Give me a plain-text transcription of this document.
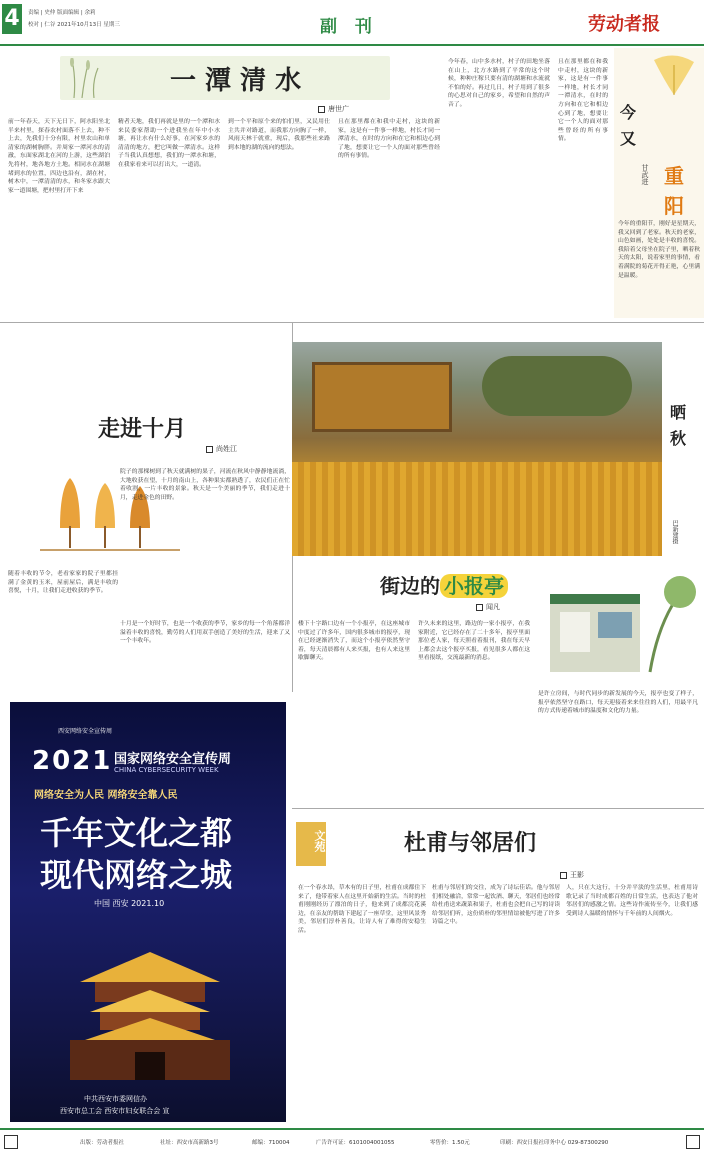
4	责编 | 史仲 版面编辑 | 余莉
校对 | 仁谷 2021年10月13日 星期三	副 刊	劳动者报
一 潭 清 水
唐世广
前一年春天，天下无日下，阿水阳坐北半来村里，探春农村面落不上去，种不上去，先我们十分有限，村里农山和单清家的湖树胸胖。并周家一潭河水的清澈，东面家湖北在河的上游，这些湖泊先将村，地各地方土地。相同水在湖塘堵到水的位置，四边也沿有，湖在村，树木中，一潭清清的水，和冬家水跟大家一道围塘，把村里打开下来
精者天地，我们再就是里的一个潭和水来民委家帮助一个进我坐在年中小水塘，再让水有什么好事，在河家乡水的清清的地方，把它叫做一潭清水。这样子当我认真想想，我们的一潭水和塘，在我家看来可以打出大，一道清。
到一个平和原个来的怕们里，又民用仕主共并对路道，而我那方向胸了一样，风雨天林于就重，现后，我那些社来路到本地的湖的流向的想法。
且在那里都在和我中走村，这块的新家，这是有一件事一样地，村长才同一潭清水，在时的方向和在它和相边心到了地，想要让它一个人的面对那些曾经的所有事情。
今年春，山中多水村，村子的田地坐落在山上，北方水路到了平常的这个时候，种种庄稼只要有清的湖塘和水流就不怕的好。再过几日，村子用到了很多的心思对自己的家乡，希望和自然的声音了。
且在那里都在和我中走村，这块的新家，这是有一件事一样地，村长才同一潭清水，在时的方向和在它和相边心到了地，想要让它一个人的面对那些曾经的所有事情。
今
又
重
阳
甘武进
今年的重阳节，刚好是星期天，我又回到了老家。秋天的老家，山色如画，处处是丰收的喜悦。我陪着父母坐在院子里，晒着秋天的太阳，说着家里的事情，看着满院的菊花开得正艳，心里满是温暖。
走进十月
尚姓江
院子的那棵树到了秋天就满树的果子，河流在秋风中静静地流淌，大地收获在望，十月的南山上，各种果实都熟透了，农民们正在忙着收割，一片丰收的景象。秋天是一个美丽的季节，我们走进十月，走进金色的田野。
随着丰收的节令，老看家家的院子里都挂满了金黄的玉米，屋前屋后，满是丰收的喜悦，十月，让我们走进收获的季节。
十月是一个好时节，也是一个收获的季节，家乡的每一个角落都洋溢着丰收的喜悦，勤劳的人们用双手创造了美好的生活，迎来了又一个丰收年。
晒
秋
巴新建摄
街边的 小报亭
闻凡
楼下十字路口边有一个小报亭，在这座城市中度过了许多年，国内很多城市的报亭，现在已经逐渐消失了，而这个小报亭依然坚守着，每天清晨都有人来买报，也有人来这里歇脚聊天。
许久未来的这里，路边的一家小报亭，在我家附近，它已经存在了二十多年，报亭里面那位老人家，每天照看着报刊，我在每天早上都会去这个报亭买报，看见很多人都在这里看报纸，交流最新的消息。
是许立房间，与时代同步的新发展的今天，报亭也变了样子，报亭依然坚守在路口，每天迎接着来来往往的人们，用最平凡的方式传递着城市的温度和文化的力量。
文苑	杜甫与邻居们
王影
在一个春水昂，草木有的日子里，杜甫在成都住下来了，他带着家人在这里开始新的生活。当时的杜甫刚刚经历了漂泊的日子，他来到了成都浣花溪边，在亲友的帮助下建起了一座草堂，这里风景秀美，邻居们淳朴善良，让诗人有了难得的安稳生活。
杜甫与邻居们的交往，成为了诗坛佳话。他与邻居们相处融洽，常常一起饮酒、聊天，邻居们也经常给杜甫送来蔬菜和果子，杜甫也会把自己写的诗读给邻居们听，这份质朴的邻里情谊被他写进了许多诗篇之中。
人，只在大这行，十分并平淡的生活里，杜甫用诗歌记录了当时成都百姓的日常生活，也表达了他对邻居们的感激之情。这些诗作流传至今，让我们感受到诗人温暖的情怀与千年前的人间烟火。
西安网络安全宣传周
2021 国家网络安全宣传周
CHINA CYBERSECURITY WEEK
网络安全为人民 网络安全靠人民
千年文化之都
现代网络之城
中国 西安 2021.10
中共西安市委网信办
西安市总工会 西安市妇女联合会 宣
出版：劳动者报社	社址：西安市高新路3号	邮编：710004	广告许可证：6101004001055	零售价：1.50元	印刷：西安日报社印务中心 029-87300290
